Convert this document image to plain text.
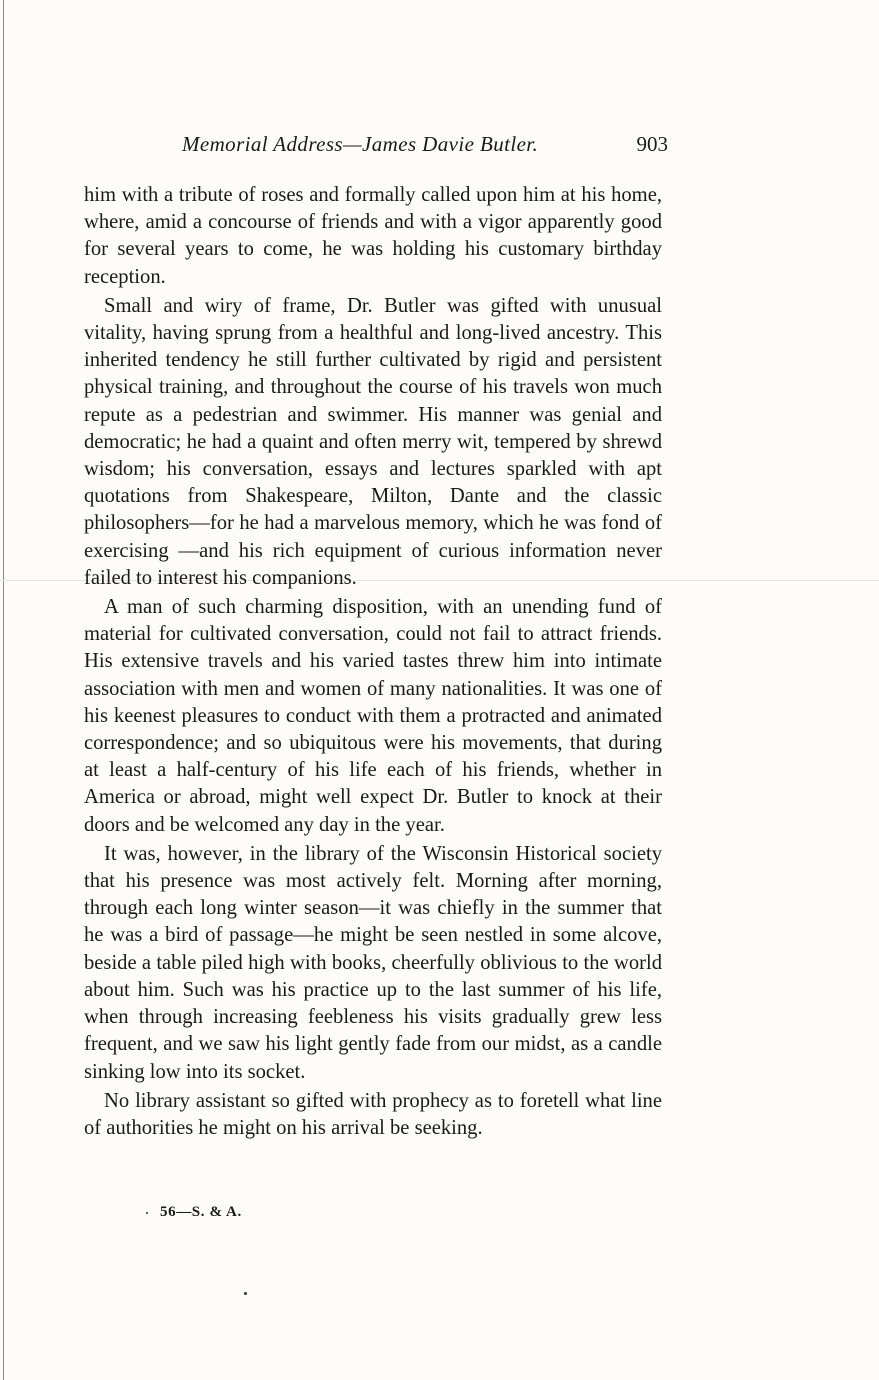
Memorial Address—James Davie Butler.	903

him with a tribute of roses and formally called upon him at his home, where, amid a concourse of friends and with a vigor apparently good for several years to come, he was holding his customary birthday reception.

Small and wiry of frame, Dr. Butler was gifted with unusual vitality, having sprung from a healthful and long-lived ancestry. This inherited tendency he still further cultivated by rigid and persistent physical training, and throughout the course of his travels won much repute as a pedestrian and swimmer. His manner was genial and democratic; he had a quaint and often merry wit, tempered by shrewd wisdom; his conversation, essays and lectures sparkled with apt quotations from Shakespeare, Milton, Dante and the classic philosophers—for he had a marvelous memory, which he was fond of exercising —and his rich equipment of curious information never failed to interest his companions.

A man of such charming disposition, with an unending fund of material for cultivated conversation, could not fail to attract friends. His extensive travels and his varied tastes threw him into intimate association with men and women of many nationalities. It was one of his keenest pleasures to conduct with them a protracted and animated correspondence; and so ubiquitous were his movements, that during at least a half-century of his life each of his friends, whether in America or abroad, might well expect Dr. Butler to knock at their doors and be welcomed any day in the year.

It was, however, in the library of the Wisconsin Historical society that his presence was most actively felt. Morning after morning, through each long winter season—it was chiefly in the summer that he was a bird of passage—he might be seen nestled in some alcove, beside a table piled high with books, cheerfully oblivious to the world about him. Such was his practice up to the last summer of his life, when through increasing feebleness his visits gradually grew less frequent, and we saw his light gently fade from our midst, as a candle sinking low into its socket.

No library assistant so gifted with prophecy as to foretell what line of authorities he might on his arrival be seeking.

56—S. & A.
